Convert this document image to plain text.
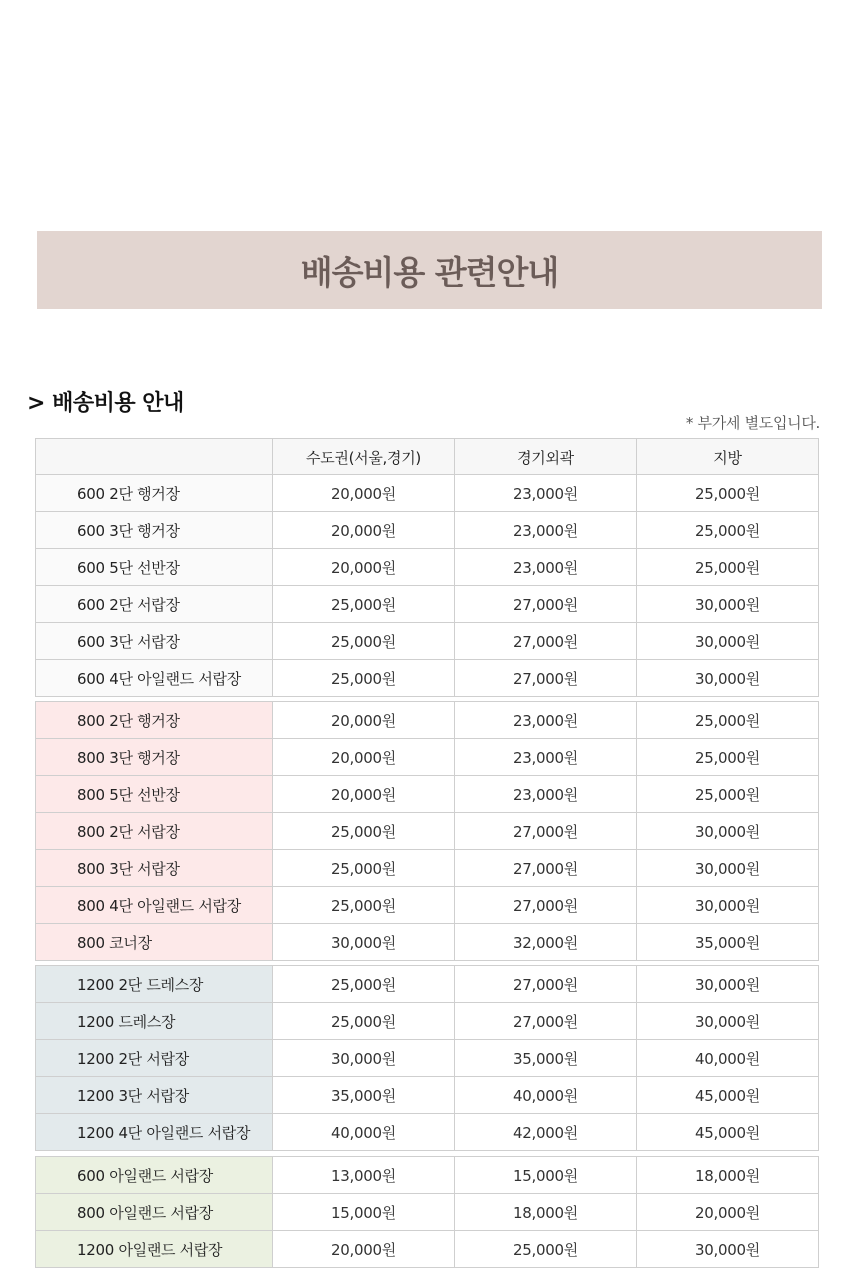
배송비용 관련안내
> 배송비용 안내
* 부가세 별도입니다.
	수도권(서울,경기)	경기외곽	지방
600 2단 행거장	20,000원	23,000원	25,000원
600 3단 행거장	20,000원	23,000원	25,000원
600 5단 선반장	20,000원	23,000원	25,000원
600 2단 서랍장	25,000원	27,000원	30,000원
600 3단 서랍장	25,000원	27,000원	30,000원
600 4단 아일랜드 서랍장	25,000원	27,000원	30,000원
800 2단 행거장	20,000원	23,000원	25,000원
800 3단 행거장	20,000원	23,000원	25,000원
800 5단 선반장	20,000원	23,000원	25,000원
800 2단 서랍장	25,000원	27,000원	30,000원
800 3단 서랍장	25,000원	27,000원	30,000원
800 4단 아일랜드 서랍장	25,000원	27,000원	30,000원
800 코너장	30,000원	32,000원	35,000원
1200 2단 드레스장	25,000원	27,000원	30,000원
1200 드레스장	25,000원	27,000원	30,000원
1200 2단 서랍장	30,000원	35,000원	40,000원
1200 3단 서랍장	35,000원	40,000원	45,000원
1200 4단 아일랜드 서랍장	40,000원	42,000원	45,000원
600 아일랜드 서랍장	13,000원	15,000원	18,000원
800 아일랜드 서랍장	15,000원	18,000원	20,000원
1200 아일랜드 서랍장	20,000원	25,000원	30,000원
